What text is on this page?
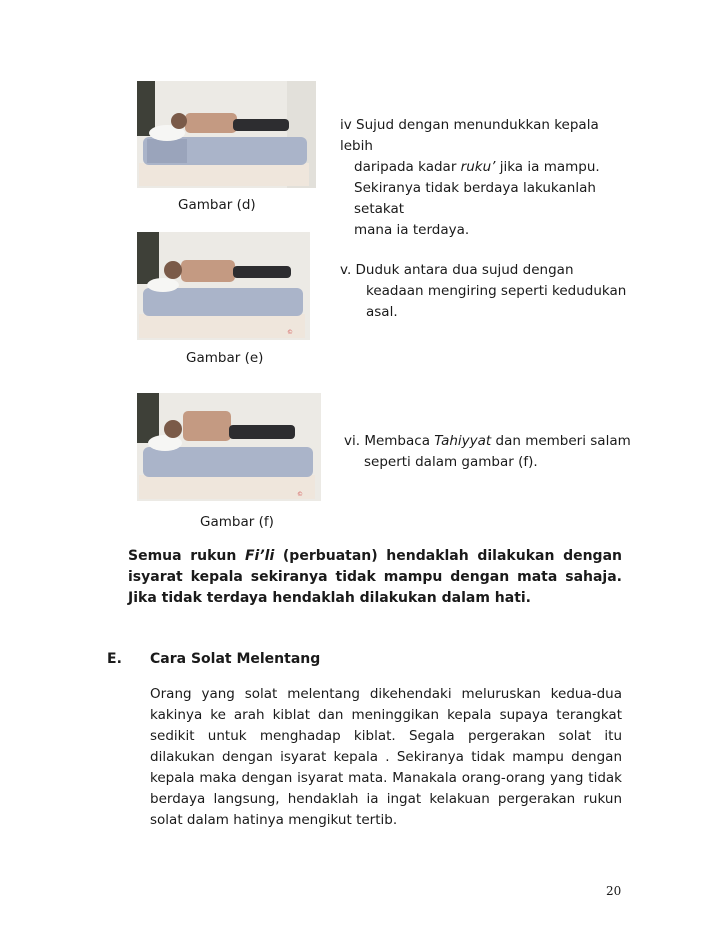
iv Sujud dengan menundukkan kepala lebih
daripada kadar ruku’ jika ia mampu.
Sekiranya tidak berdaya lakukanlah setakat
mana ia terdaya.
Gambar (d)
©
v. Duduk antara dua sujud dengan
keadaan mengiring seperti kedudukan
asal.
Gambar (e)
©
vi. Membaca Tahiyyat dan memberi salam
seperti dalam gambar (f).
Gambar (f)
Semua rukun Fi’li (perbuatan) hendaklah dilakukan dengan isyarat kepala sekiranya tidak mampu dengan mata sahaja. Jika tidak terdaya hendaklah dilakukan dalam hati.
E. Cara Solat Melentang
Orang yang solat melentang dikehendaki meluruskan kedua-dua kakinya ke arah kiblat dan meninggikan kepala supaya terangkat sedikit untuk menghadap kiblat. Segala pergerakan solat itu dilakukan dengan isyarat kepala . Sekiranya tidak mampu dengan kepala maka dengan isyarat mata. Manakala orang-orang yang tidak berdaya langsung, hendaklah ia ingat kelakuan pergerakan rukun solat dalam hatinya mengikut tertib.
20
